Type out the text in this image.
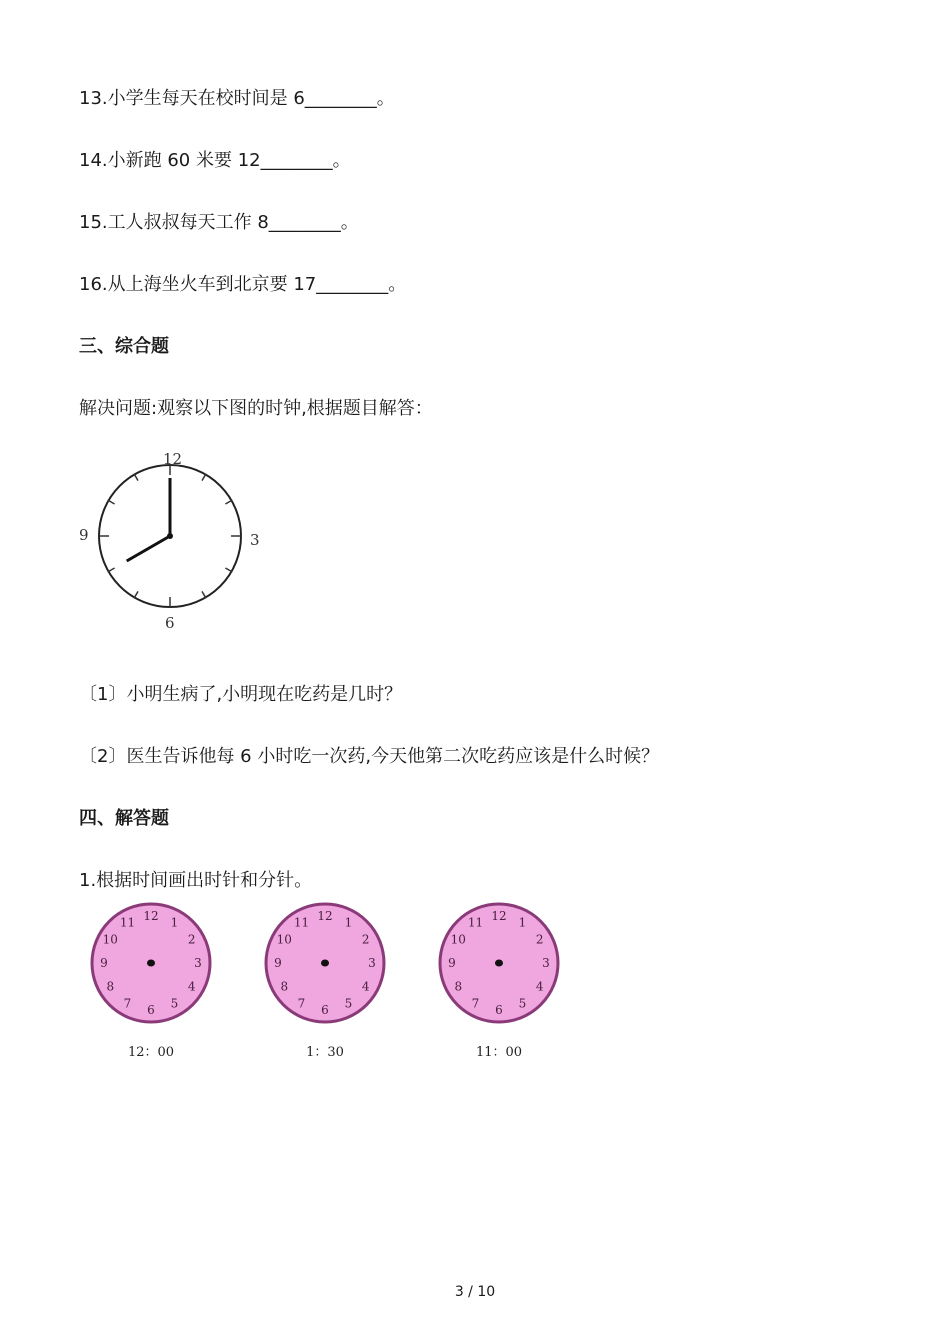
13.小学生每天在校时间是 6________。
14.小新跑 60 米要 12________。
15.工人叔叔每天工作 8________。
16.从上海坐火车到北京要 17________。
三、综合题
解决问题:观察以下图的时钟,根据题目解答：
12
3
6
9
〔1〕小明生病了,小明现在吃药是几时？
〔2〕医生告诉他每 6 小时吃一次药,今天他第二次吃药应该是什么时候？
四、解答题
1.根据时间画出时针和分针。
12 1
2
3
4
5
6
7
8
9
10
11
12：00
12 1
2
3
4
5
6
7
8
9
10
11
1：30
12 1
2
3
4
5
6
7
8
9
10
11
11：00
3 / 10
